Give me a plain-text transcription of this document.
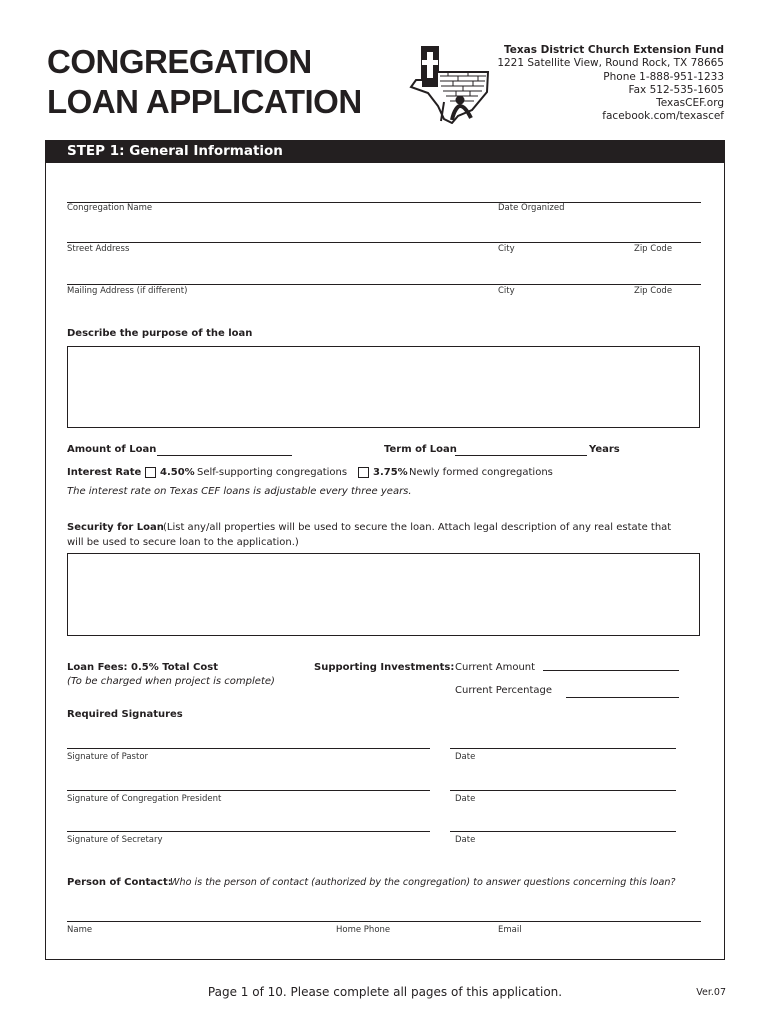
CONGREGATION
LOAN APPLICATION
Texas District Church Extension Fund
1221 Satellite View, Round Rock, TX 78665
Phone 1-888-951-1233
Fax 512-535-1605
TexasCEF.org
facebook.com/texascef
STEP 1: General Information
Congregation Name	Date Organized
Street Address	City	Zip Code
Mailing Address (if different)	City	Zip Code
Describe the purpose of the loan
Amount of Loan	Term of Loan	Years
Interest Rate 4.50% Self-supporting congregations	3.75% Newly formed congregations
The interest rate on Texas CEF loans is adjustable every three years.
Security for Loan (List any/all properties will be used to secure the loan. Attach legal description of any real estate that
will be used to secure loan to the application.)
Loan Fees: 0.5% Total Cost
(To be charged when project is complete)
Supporting Investments: Current Amount
Current Percentage
Required Signatures
Signature of Pastor	Date
Signature of Congregation President	Date
Signature of Secretary	Date
Person of Contact:
Who is the person of contact (authorized by the congregation) to answer questions concerning this loan?
Name	Home Phone	Email
Page 1 of 10. Please complete all pages of this application.	Ver.07
